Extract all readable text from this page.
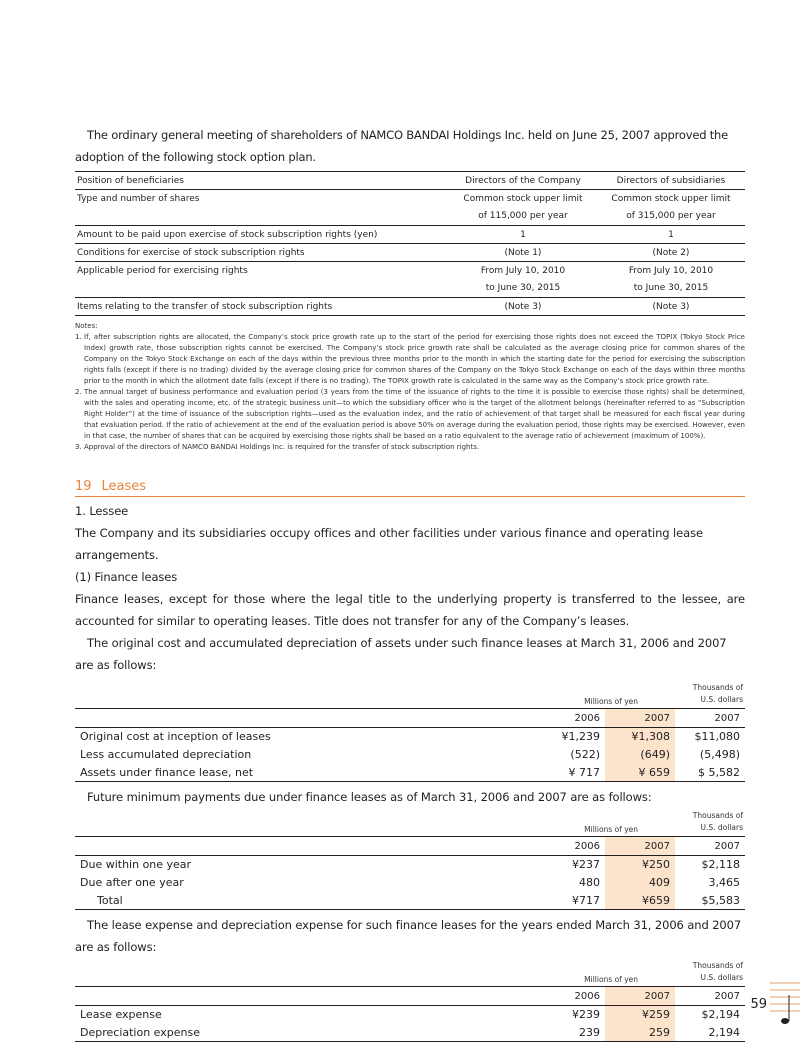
The ordinary general meeting of shareholders of NAMCO BANDAI Holdings Inc. held on June 25, 2007 approved the adoption of the following stock option plan.

Position of beneficiaries	Directors of the Company	Directors of subsidiaries
Type and number of shares	Common stock upper limit	Common stock upper limit
	of 115,000 per year	of 315,000 per year
Amount to be paid upon exercise of stock subscription rights (yen)	1	1
Conditions for exercise of stock subscription rights	(Note 1)	(Note 2)
Applicable period for exercising rights	From July 10, 2010	From July 10, 2010
	to June 30, 2015	to June 30, 2015
Items relating to the transfer of stock subscription rights	(Note 3)	(Note 3)
Notes:
1. If, after subscription rights are allocated, the Company’s stock price growth rate up to the start of the period for exercising those rights does not exceed the TOPIX (Tokyo Stock Price Index) growth rate, those subscription rights cannot be exercised. The Company’s stock price growth rate shall be calculated as the average closing price for common shares of the Company on the Tokyo Stock Exchange on each of the days within the previous three months prior to the month in which the starting date for the period for exercising the subscription rights falls (except if there is no trading) divided by the average closing price for common shares of the Company on the Tokyo Stock Exchange on each of the days within three months prior to the month in which the allotment date falls (except if there is no trading). The TOPIX growth rate is calculated in the same way as the Company’s stock price growth rate.
2. The annual target of business performance and evaluation period (3 years from the time of the issuance of rights to the time it is possible to exercise those rights) shall be determined, with the sales and operating income, etc. of the strategic business unit—to which the subsidiary officer who is the target of the allotment belongs (hereinafter referred to as “Subscription Right Holder”) at the time of issuance of the subscription rights—used as the evaluation index, and the ratio of achievement of that target shall be measured for each fiscal year during that evaluation period. If the ratio of achievement at the end of the evaluation period is above 50% on average during the evaluation period, those rights may be exercised. However, even in that case, the number of shares that can be acquired by exercising those rights shall be based on a ratio equivalent to the average ratio of achievement (maximum of 100%).
3. Approval of the directors of NAMCO BANDAI Holdings Inc. is required for the transfer of stock subscription rights.
19 Leases

1. Lessee

The Company and its subsidiaries occupy offices and other facilities under various finance and operating lease arrangements.

(1) Finance leases

Finance leases, except for those where the legal title to the underlying property is transferred to the lessee, are accounted for similar to operating leases. Title does not transfer for any of the Company’s leases.

The original cost and accumulated depreciation of assets under such finance leases at March 31, 2006 and 2007 are as follows:

Millions of yen
Thousands of
U.S. dollars
	2006	2007	2007
Original cost at inception of leases	¥1,239	¥1,308	$11,080
Less accumulated depreciation	(522)	(649)	(5,498)
Assets under finance lease, net	¥ 717	¥ 659	$ 5,582

Future minimum payments due under finance leases as of March 31, 2006 and 2007 are as follows:

Millions of yen
Thousands of
U.S. dollars
	2006	2007	2007
Due within one year	¥237	¥250	$2,118
Due after one year	480	409	3,465
Total	¥717	¥659	$5,583

The lease expense and depreciation expense for such finance leases for the years ended March 31, 2006 and 2007 are as follows:

Millions of yen
Thousands of
U.S. dollars
	2006	2007	2007
Lease expense	¥239	¥259	$2,194
Depreciation expense	239	259	2,194
59
